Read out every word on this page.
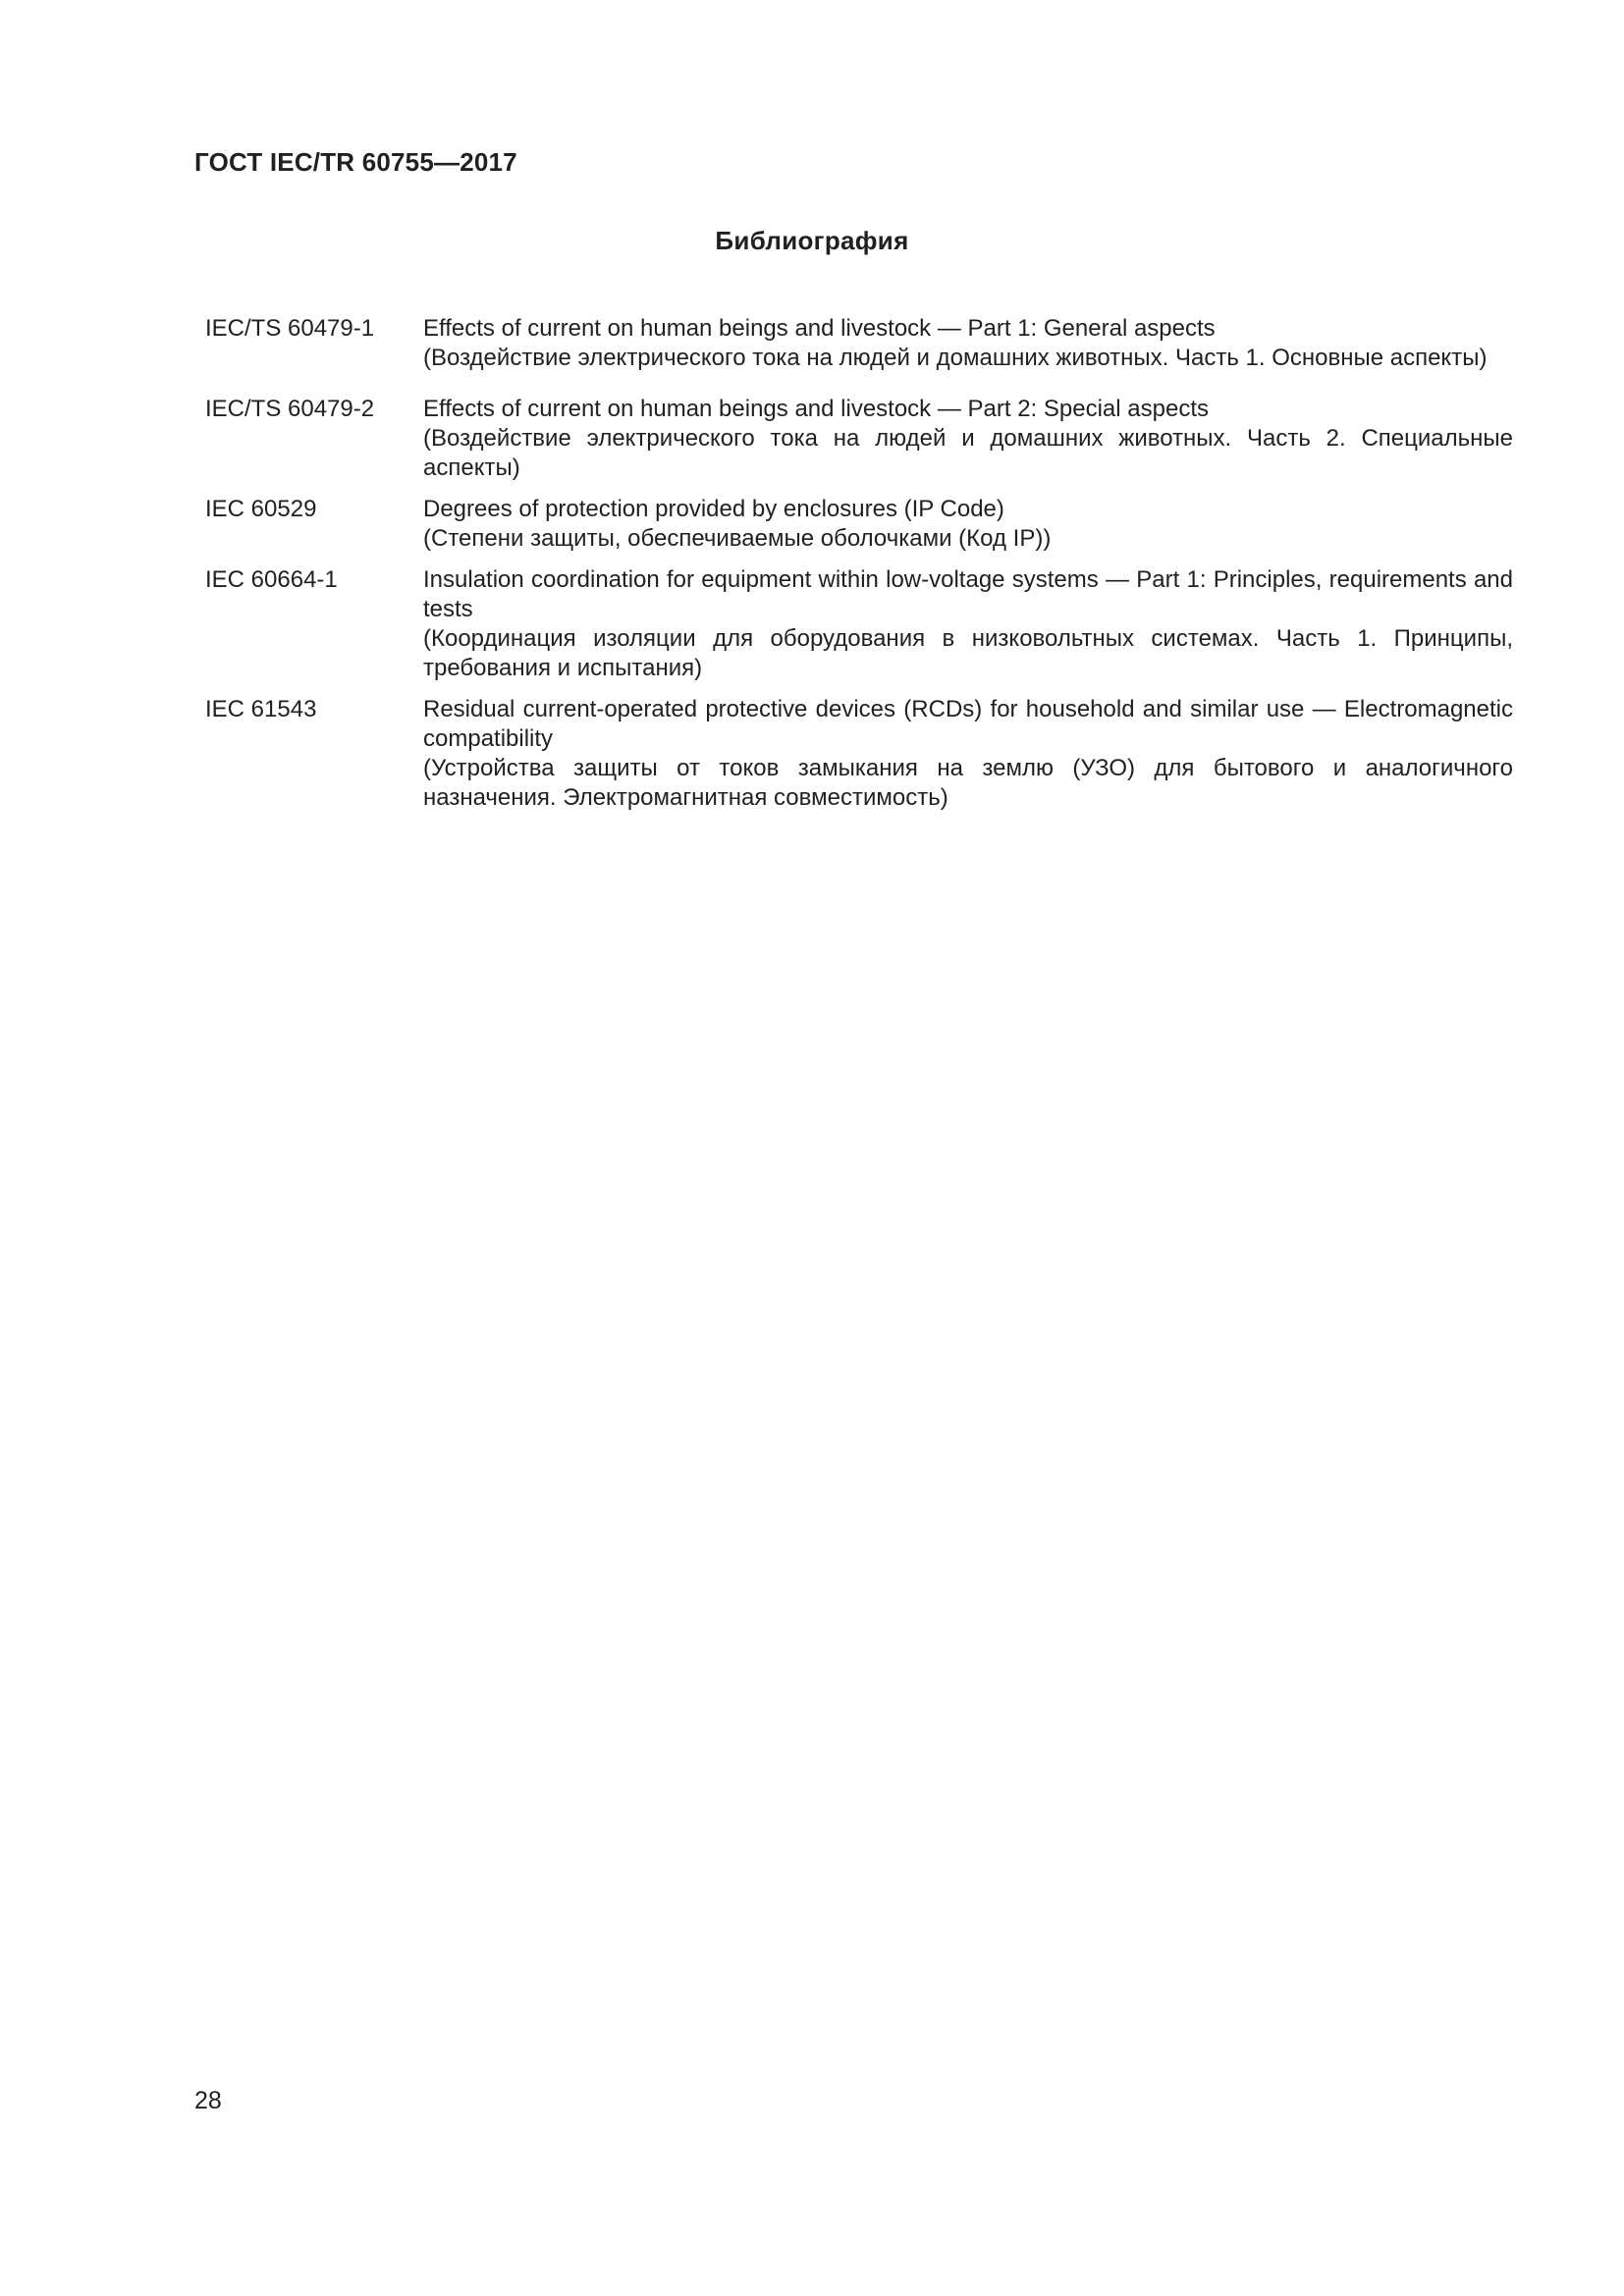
ГОСТ IEC/TR 60755—2017
Библиография
IEC/TS 60479-1	Effects of current on human beings and livestock — Part 1: General aspects
(Воздействие электрического тока на людей и домашних животных. Часть 1. Основные аспекты)
IEC/TS 60479-2	Effects of current on human beings and livestock — Part 2: Special aspects
(Воздействие электрического тока на людей и домашних животных. Часть 2. Специальные аспекты)
IEC 60529	Degrees of protection provided by enclosures (IP Code)
(Степени защиты, обеспечиваемые оболочками (Код IP))
IEC 60664-1	Insulation coordination for equipment within low-voltage systems — Part 1: Principles, requirements and tests
(Координация изоляции для оборудования в низковольтных системах. Часть 1. Принципы, требования и испытания)
IEC 61543	Residual current-operated protective devices (RCDs) for household and similar use — Electromagnetic compatibility
(Устройства защиты от токов замыкания на землю (УЗО) для бытового и аналогичного назначения. Электромагнитная совместимость)
28
